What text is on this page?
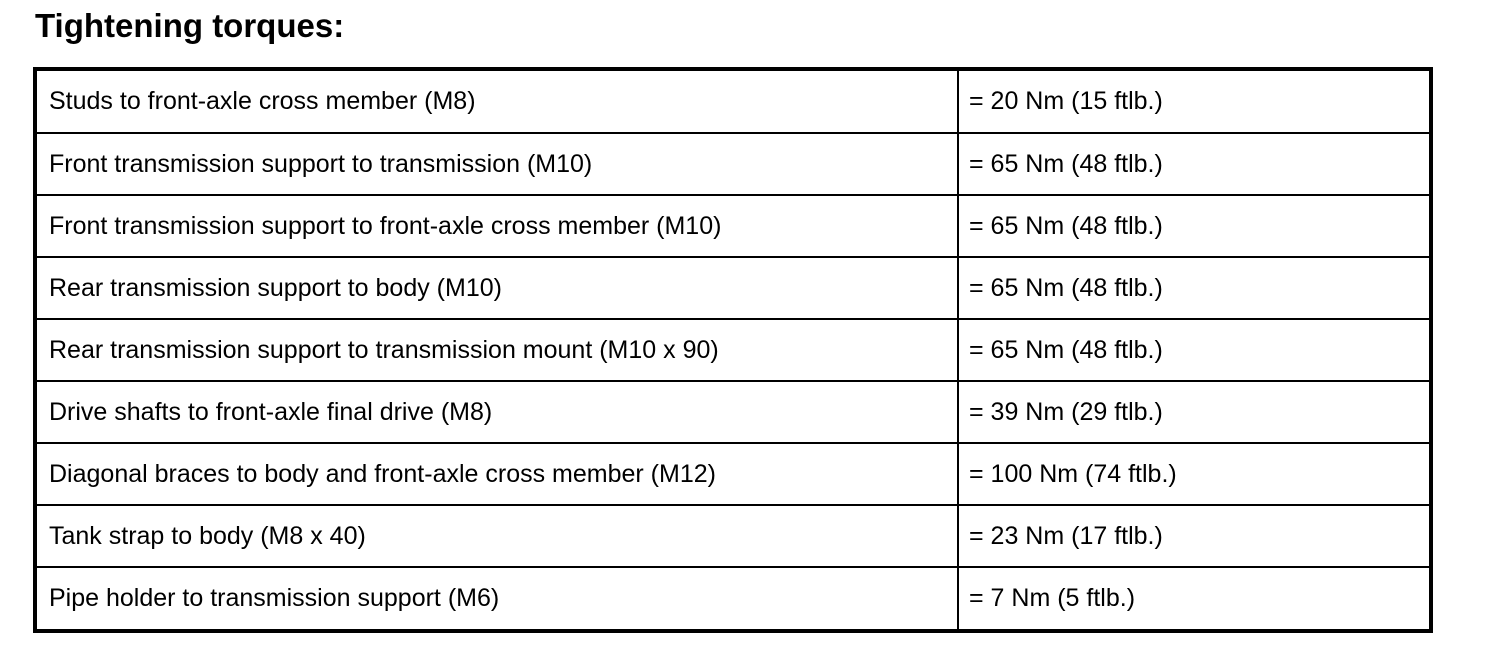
Tightening torques:
Studs to front-axle cross member (M8)	= 20 Nm (15 ftlb.)
Front transmission support to transmission (M10)	= 65 Nm (48 ftlb.)
Front transmission support to front-axle cross member (M10)	= 65 Nm (48 ftlb.)
Rear transmission support to body (M10)	= 65 Nm (48 ftlb.)
Rear transmission support to transmission mount (M10 x 90)	= 65 Nm (48 ftlb.)
Drive shafts to front-axle final drive (M8)	= 39 Nm (29 ftlb.)
Diagonal braces to body and front-axle cross member (M12)	= 100 Nm (74 ftlb.)
Tank strap to body (M8 x 40)	= 23 Nm (17 ftlb.)
Pipe holder to transmission support (M6)	= 7 Nm (5 ftlb.)
